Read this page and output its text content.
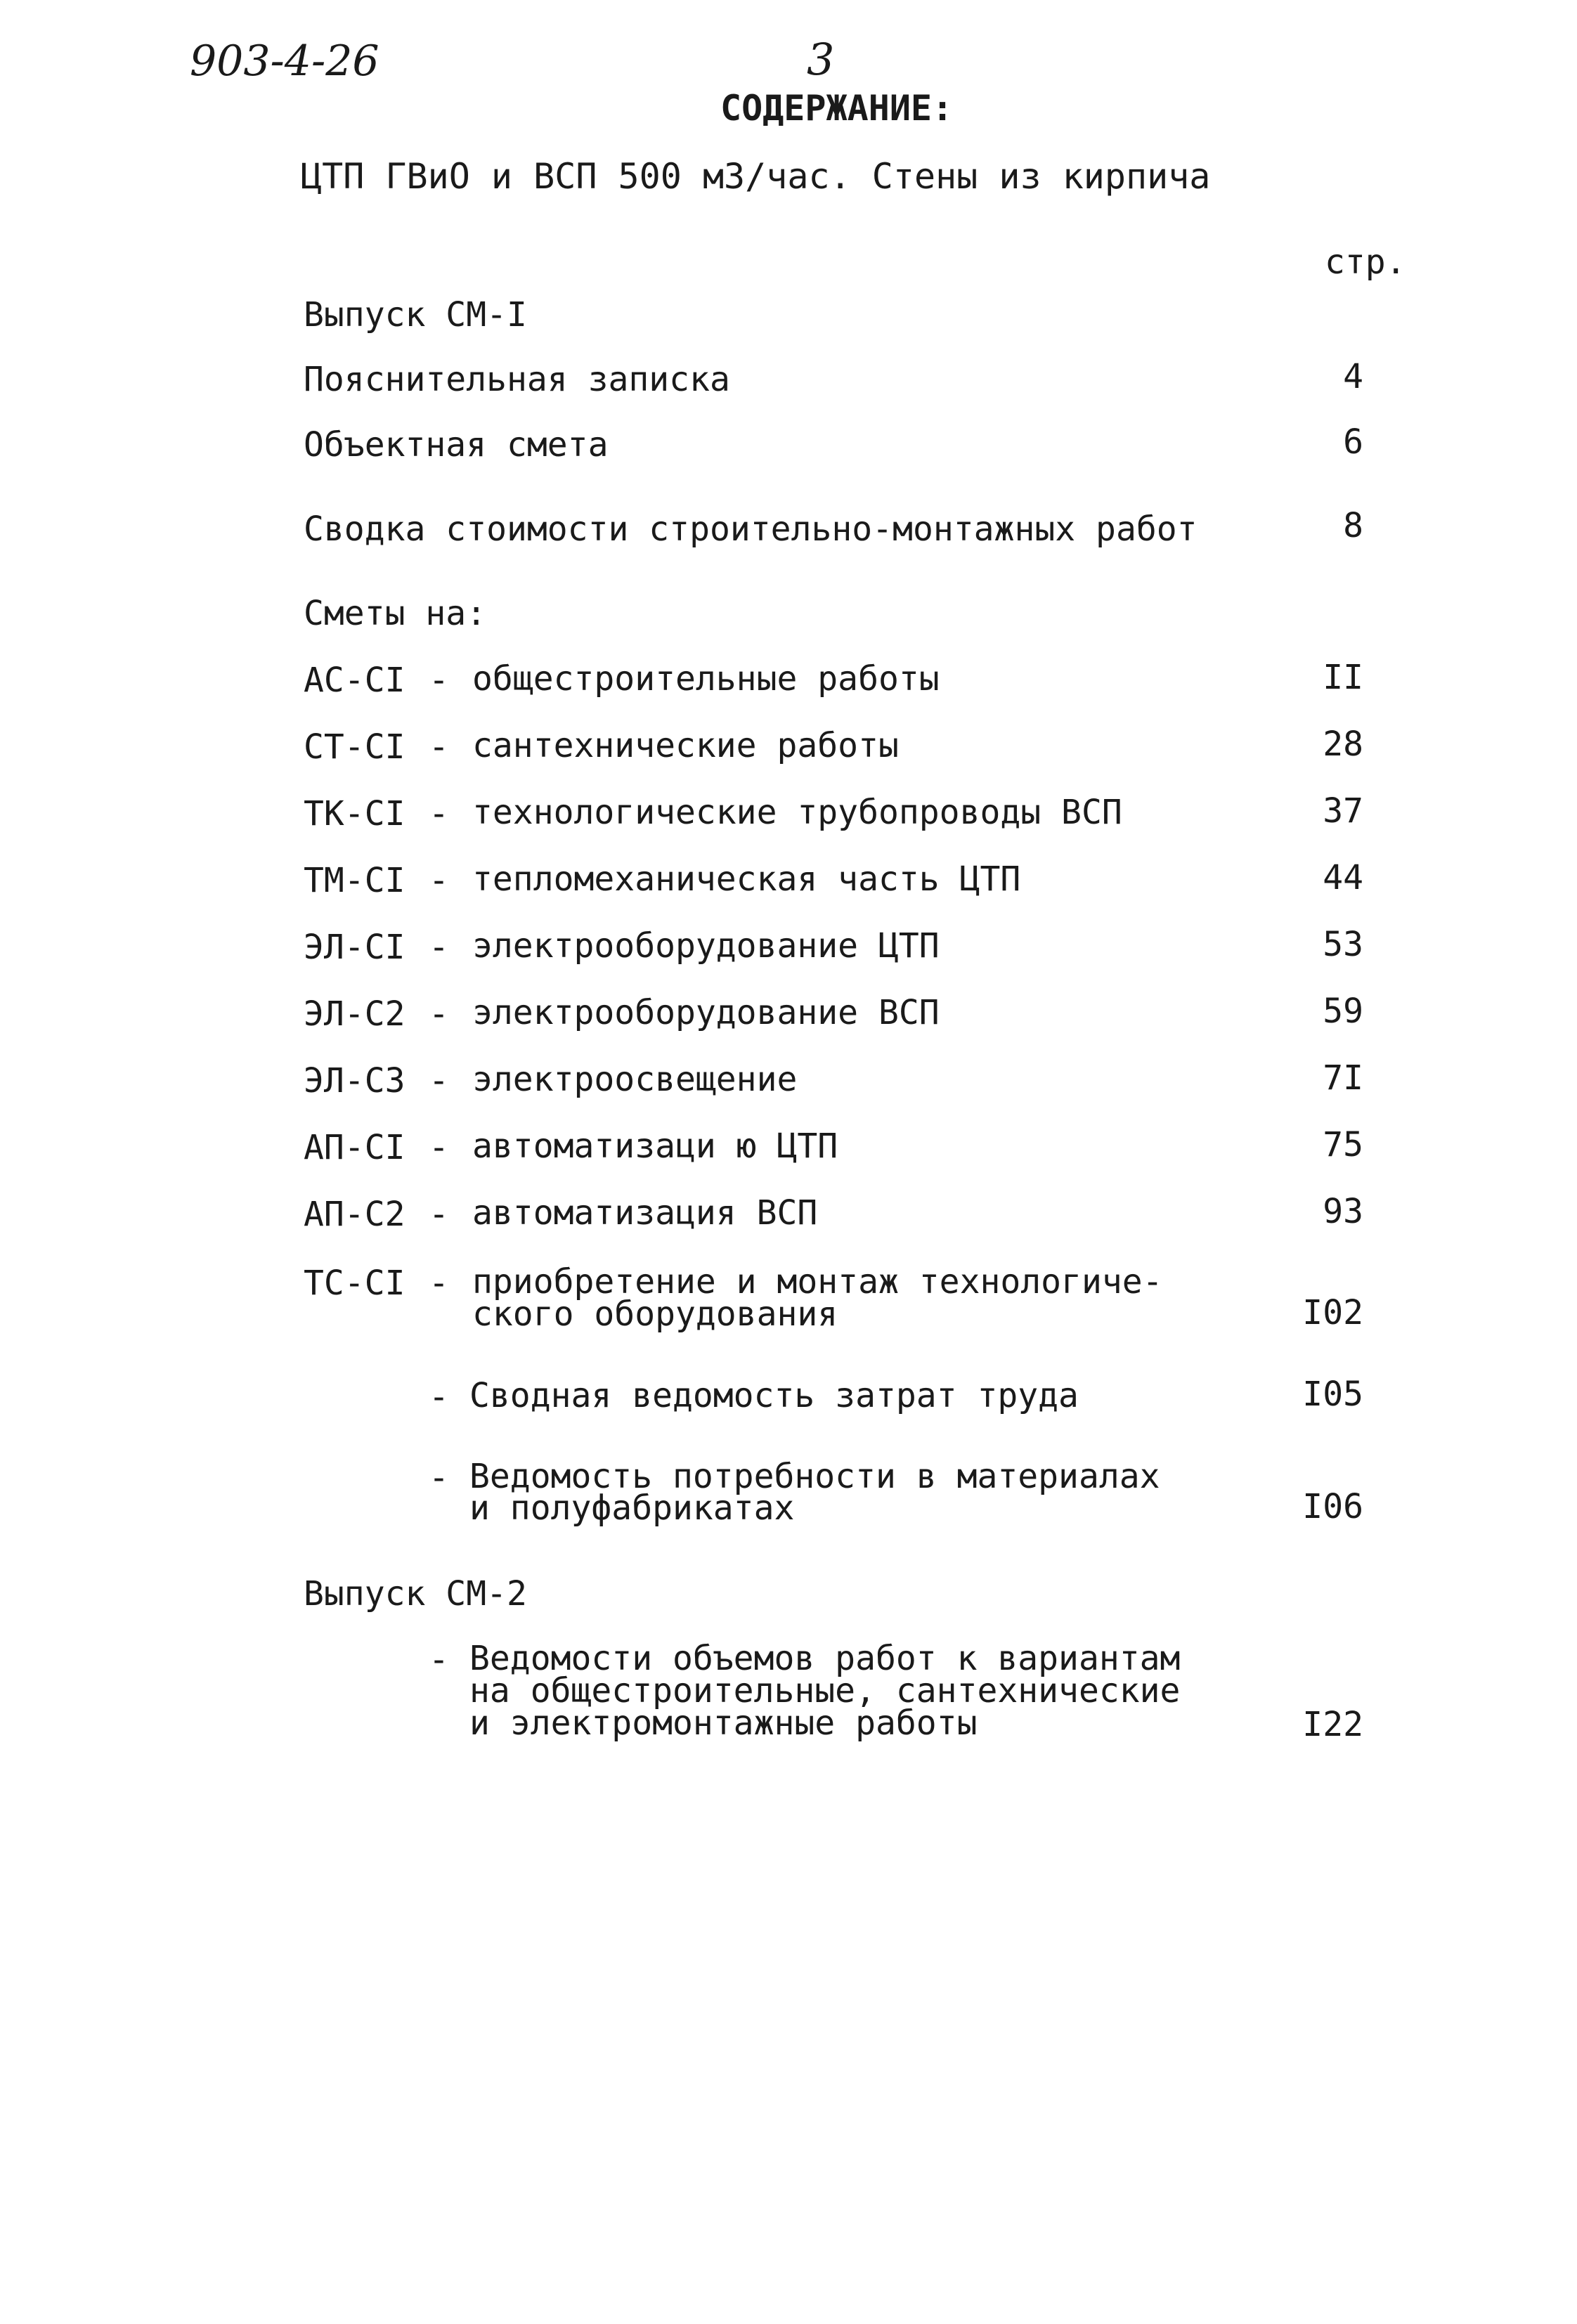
903-4-26	3
СОДЕРЖАНИЕ:
ЦТП ГВиО и ВСП 500 м3/час. Стены из кирпича
стр.
Выпуск СМ-I
Пояснительная записка	4
Объектная смета	6
Сводка стоимости строительно-монтажных работ	8
Сметы на:
АС-СI - общестроительные работы	II
СТ-СI - сантехнические работы	28
ТК-СI - технологические трубопроводы ВСП	37
ТМ-СI - тепломеханическая часть ЦТП	44
ЭЛ-СI - электрооборудование ЦТП	53
ЭЛ-С2 - электрооборудование ВСП	59
ЭЛ-С3 - электроосвещение	7I
АП-СI - автоматизаци ю ЦТП	75
АП-С2 - автоматизация ВСП	93
ТС-СI - приобретение и монтаж технологиче-
ского оборудования	I02
- Сводная ведомость затрат труда	I05
- Ведомость потребности в материалах
и полуфабрикатах	I06
Выпуск СМ-2
- Ведомости объемов работ к вариантам
на общестроительные, сантехнические
и электромонтажные работы	I22
